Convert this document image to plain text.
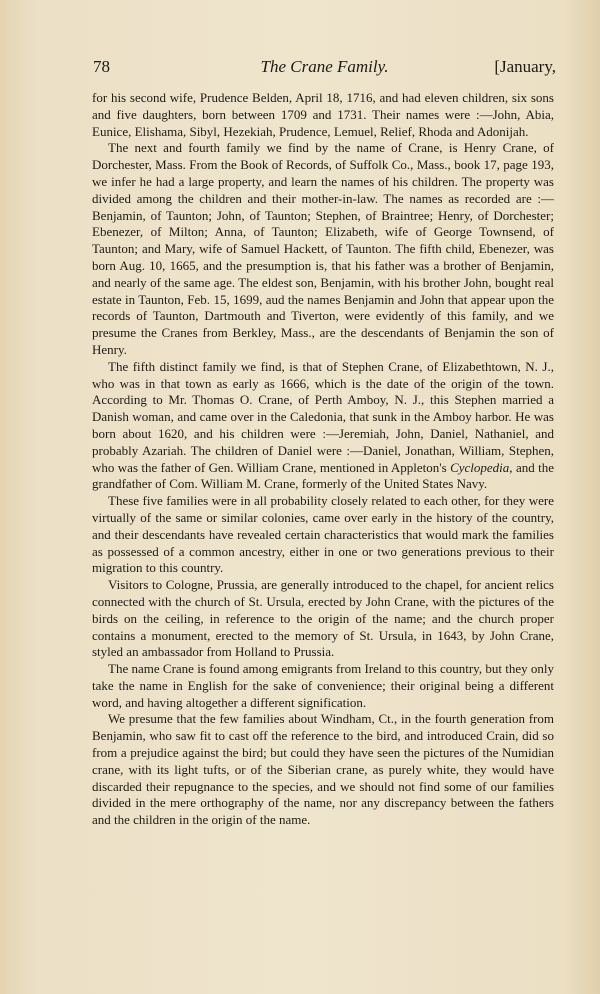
78	The Crane Family.	[January,

for his second wife, Prudence Belden, April 18, 1716, and had eleven children, six sons and five daughters, born between 1709 and 1731. Their names were :—John, Abia, Eunice, Elishama, Sibyl, Hezekiah, Prudence, Lemuel, Relief, Rhoda and Adonijah.

The next and fourth family we find by the name of Crane, is Henry Crane, of Dorchester, Mass. From the Book of Records, of Suffolk Co., Mass., book 17, page 193, we infer he had a large property, and learn the names of his children. The property was divided among the children and their mother-in-law. The names as recorded are :—Benjamin, of Taunton; John, of Taunton; Stephen, of Braintree; Henry, of Dorchester; Ebenezer, of Milton; Anna, of Taunton; Elizabeth, wife of George Townsend, of Taunton; and Mary, wife of Samuel Hackett, of Taunton. The fifth child, Ebenezer, was born Aug. 10, 1665, and the presumption is, that his father was a brother of Benjamin, and nearly of the same age. The eldest son, Benjamin, with his brother John, bought real estate in Taunton, Feb. 15, 1699, aud the names Benjamin and John that appear upon the records of Taunton, Dartmouth and Tiverton, were evidently of this family, and we presume the Cranes from Berkley, Mass., are the descendants of Benjamin the son of Henry.

The fifth distinct family we find, is that of Stephen Crane, of Elizabethtown, N. J., who was in that town as early as 1666, which is the date of the origin of the town. According to Mr. Thomas O. Crane, of Perth Amboy, N. J., this Stephen married a Danish woman, and came over in the Caledonia, that sunk in the Amboy harbor. He was born about 1620, and his children were :—Jeremiah, John, Daniel, Nathaniel, and probably Azariah. The children of Daniel were :—Daniel, Jonathan, William, Stephen, who was the father of Gen. William Crane, mentioned in Appleton's Cyclopedia, and the grandfather of Com. William M. Crane, formerly of the United States Navy.

These five families were in all probability closely related to each other, for they were virtually of the same or similar colonies, came over early in the history of the country, and their descendants have revealed certain characteristics that would mark the families as possessed of a common ancestry, either in one or two generations previous to their migration to this country.

Visitors to Cologne, Prussia, are generally introduced to the chapel, for ancient relics connected with the church of St. Ursula, erected by John Crane, with the pictures of the birds on the ceiling, in reference to the origin of the name; and the church proper contains a monument, erected to the memory of St. Ursula, in 1643, by John Crane, styled an ambassador from Holland to Prussia.

The name Crane is found among emigrants from Ireland to this country, but they only take the name in English for the sake of convenience; their original being a different word, and having altogether a different signification.

We presume that the few families about Windham, Ct., in the fourth generation from Benjamin, who saw fit to cast off the reference to the bird, and introduced Crain, did so from a prejudice against the bird; but could they have seen the pictures of the Numidian crane, with its light tufts, or of the Siberian crane, as purely white, they would have discarded their repugnance to the species, and we should not find some of our families divided in the mere orthography of the name, nor any discrepancy between the fathers and the children in the origin of the name.
